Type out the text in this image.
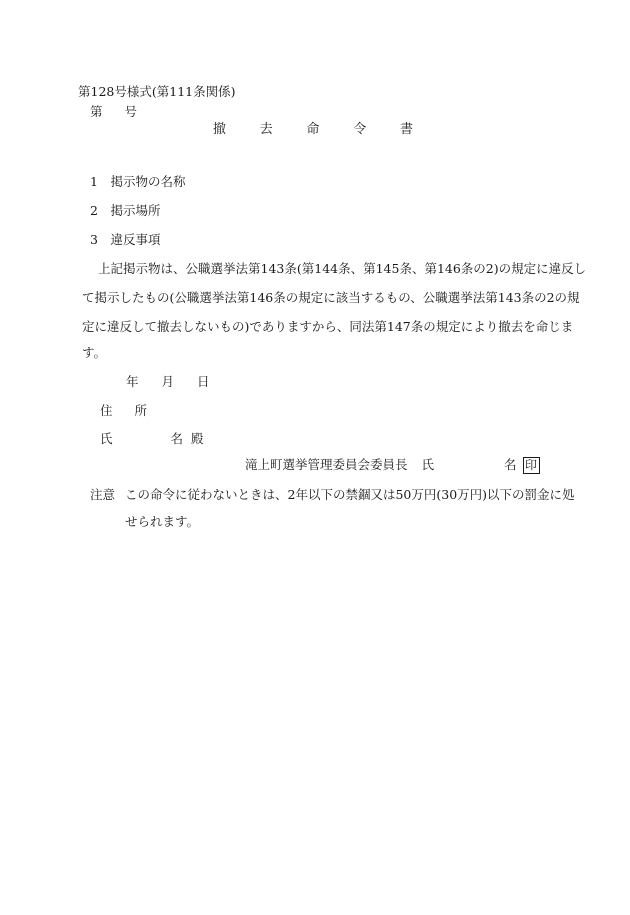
第128号様式(第111条関係)
第 号
撤	去	命	令	書
1　掲示物の名称
2　掲示場所
3　違反事項
上記掲示物は、公職選挙法第143条(第144条、第145条、第146条の2)の規定に違反し
て掲示したもの(公職選挙法第146条の規定に該当するもの、公職選挙法第143条の2の規
定に違反して撤去しないもの)でありますから、同法第147条の規定により撤去を命じま
す。
年 月 日
住 所
氏	名 殿
滝上町選挙管理委員会委員長 氏	名 印
注意 この命令に従わないときは、2年以下の禁錮又は50万円(30万円)以下の罰金に処
せられます。
